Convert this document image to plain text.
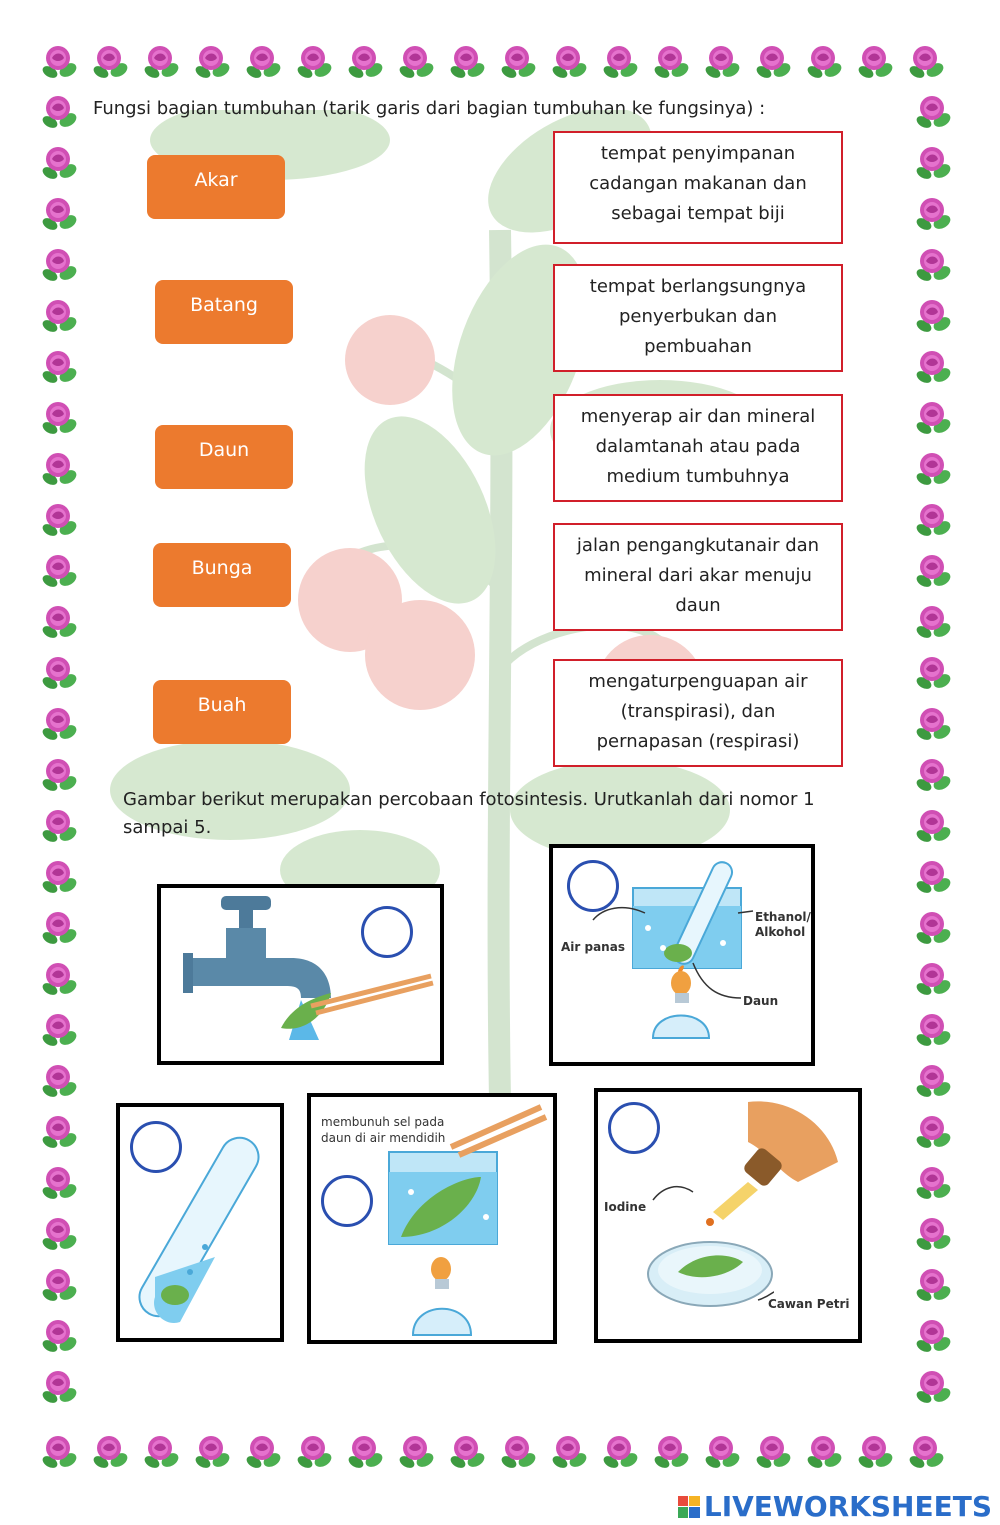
Fungsi bagian tumbuhan (tarik garis dari bagian tumbuhan ke fungsinya) :
Akar
Batang
Daun
Bunga
Buah
tempat penyimpanan
cadangan makanan dan
sebagai tempat biji
tempat berlangsungnya
penyerbukan dan
pembuahan
menyerap air dan mineral
dalamtanah atau pada
medium tumbuhnya
jalan pengangkutanair dan
mineral dari akar menuju
daun
mengaturpenguapan air
(transpirasi), dan
pernapasan (respirasi)
Gambar berikut merupakan percobaan fotosintesis. Urutkanlah dari nomor 1
sampai 5.
Ethanol/
Alkohol
Air panas
Daun
membunuh sel pada
daun di air mendidih
Iodine
Cawan Petri
LIVEWORKSHEETS
